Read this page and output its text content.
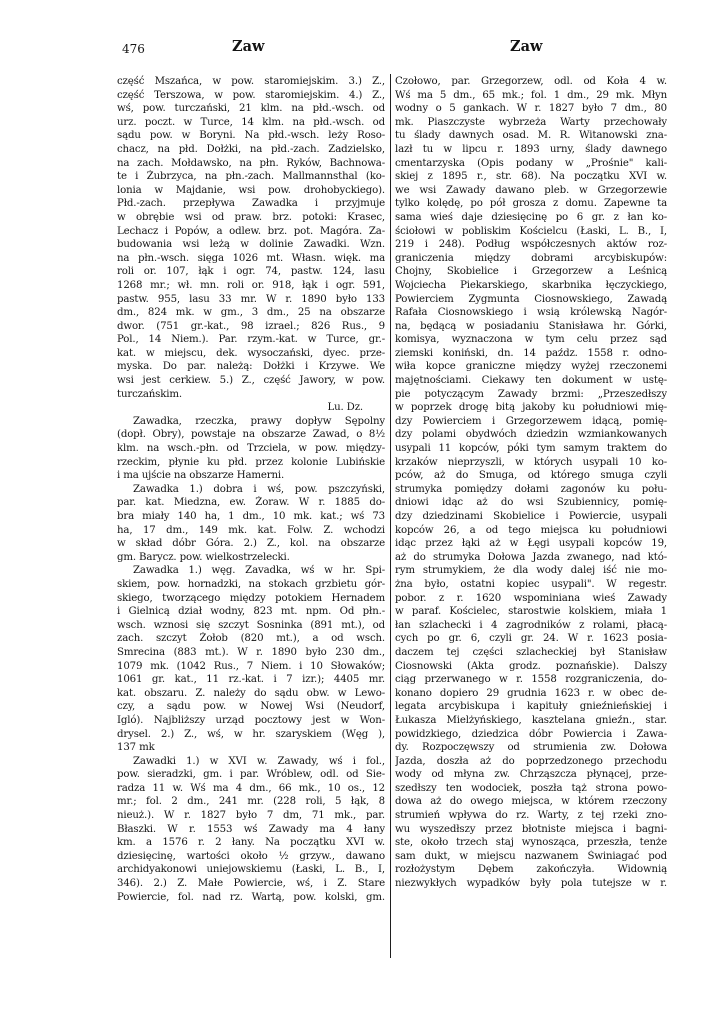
476	Zaw	Zaw
część Mszańca, w pow. staromiejskim. 3.) Z.,
część Terszowa, w pow. staromiejskim. 4.) Z.,
wś, pow. turczański, 21 klm. na płd.-wsch. od
urz. poczt. w Turce, 14 klm. na płd.-wsch. od
sądu pow. w Boryni. Na płd.-wsch. leży Roso-
chacz, na płd. Dołżki, na płd.-zach. Zadzielsko,
na zach. Mołdawsko, na płn. Ryków, Bachnowa-
te i Żubrzyca, na płn.-zach. Mallmannsthal (ko-
lonia w Majdanie, wsi pow. drohobyckiego).
Płd.-zach. przepływa Zawadka i przyjmuje
w obrębie wsi od praw. brz. potoki: Krasec,
Lechacz i Popów, a odlew. brz. pot. Magóra. Za-
budowania wsi leżą w dolinie Zawadki. Wzn.
na płn.-wsch. sięga 1026 mt. Własn. więk. ma
roli or. 107, łąk i ogr. 74, pastw. 124, lasu
1268 mr.; wł. mn. roli or. 918, łąk i ogr. 591,
pastw. 955, lasu 33 mr. W r. 1890 było 133
dm., 824 mk. w gm., 3 dm., 25 na obszarze
dwor. (751 gr.-kat., 98 izrael.; 826 Rus., 9
Pol., 14 Niem.). Par. rzym.-kat. w Turce, gr.-
kat. w miejscu, dek. wysoczański, dyec. prze-
myska. Do par. należą: Dołżki i Krzywe. We
wsi jest cerkiew. 5.) Z., część Jawory, w pow.
turczańskim.
Lu. Dz.
Zawadka, rzeczka, prawy dopływ Sępolny
(dopł. Obry), powstaje na obszarze Zawad, o 8½
klm. na wsch.-płn. od Trzciela, w pow. między-
rzeckim, płynie ku płd. przez kolonie Lubińskie
i ma ujście na obszarze Hamerni.
Zawadka 1.) dobra i wś, pow. pszczyński,
par. kat. Miedzna, ew. Żoraw. W r. 1885 do-
bra miały 140 ha, 1 dm., 10 mk. kat.; wś 73
ha, 17 dm., 149 mk. kat. Folw. Z. wchodzi
w skład dóbr Góra. 2.) Z., kol. na obszarze
gm. Barycz. pow. wielkostrzelecki.
Zawadka 1.) węg. Zavadka, wś w hr. Spi-
skiem, pow. hornadzki, na stokach grzbietu gór-
skiego, tworzącego między potokiem Hernadem
i Gielnicą dział wodny, 823 mt. npm. Od płn.-
wsch. wznosi się szczyt Sosninka (891 mt.), od
zach. szczyt Żołob (820 mt.), a od wsch.
Smrecina (883 mt.). W r. 1890 było 230 dm.,
1079 mk. (1042 Rus., 7 Niem. i 10 Słowaków;
1061 gr. kat., 11 rz.-kat. i 7 izr.); 4405 mr.
kat. obszaru. Z. należy do sądu obw. w Lewo-
czy, a sądu pow. w Nowej Wsi (Neudorf,
Igló). Najbliższy urząd pocztowy jest w Won-
drysel. 2.) Z., wś, w hr. szaryskiem (Węg ),
137 mk
Zawadki 1.) w XVI w. Zawady, wś i fol.,
pow. sieradzki, gm. i par. Wróblew, odl. od Sie-
radza 11 w. Wś ma 4 dm., 66 mk., 10 os., 12
mr.; fol. 2 dm., 241 mr. (228 roli, 5 łąk, 8
nieuż.). W r. 1827 było 7 dm, 71 mk., par.
Błaszki. W r. 1553 wś Zawady ma 4 łany
km. a 1576 r. 2 łany. Na początku XVI w.
dziesięcinę, wartości około ½ grzyw., dawano
archidyakonowi uniejowskiemu (Łaski, L. B., I,
346). 2.) Z. Małe Powiercie, wś, i Z. Stare
Powiercie, fol. nad rz. Wartą, pow. kolski, gm.
Czołowo, par. Grzegorzew, odl. od Koła 4 w.
Wś ma 5 dm., 65 mk.; fol. 1 dm., 29 mk. Młyn
wodny o 5 gankach. W r. 1827 było 7 dm., 80
mk. Piaszczyste wybrzeża Warty przechowały
tu ślady dawnych osad. M. R. Witanowski zna-
lazł tu w lipcu r. 1893 urny, ślady dawnego
cmentarzyska (Opis podany w „Prośnie" kali-
skiej z 1895 r., str. 68). Na początku XVI w.
we wsi Zawady dawano pleb. w Grzegorzewie
tylko kolędę, po pół grosza z domu. Zapewne ta
sama wieś daje dziesięcinę po 6 gr. z łan ko-
ściołowi w pobliskim Kościelcu (Łaski, L. B., I,
219 i 248). Podług współczesnych aktów roz-
graniczenia między dobrami arcybiskupów:
Chojny, Skobielice i Grzegorzew a Leśnicą
Wojciecha Piekarskiego, skarbnika łęczyckiego,
Powierciem Zygmunta Ciosnowskiego, Zawadą
Rafała Ciosnowskiego i wsią królewską Nagór-
na, będącą w posiadaniu Stanisława hr. Górki,
komisya, wyznaczona w tym celu przez sąd
ziemski koniński, dn. 14 paźdz. 1558 r. odno-
wiła kopce graniczne między wyżej rzeczonemi
majętnościami. Ciekawy ten dokument w ustę-
pie potyczącym Zawady brzmi: „Przeszedłszy
w poprzek drogę bitą jakoby ku południowi mię-
dzy Powierciem i Grzegorzewem idącą, pomię-
dzy polami obydwóch dziedzin wzmiankowanych
usypali 11 kopców, póki tym samym traktem do
krzaków nieprzyszli, w których usypali 10 ko-
pców, aż do Smuga, od którego smuga czyli
strumyka pomiędzy dołami zagonów ku połu-
dniowi idąc aż do wsi Szubiennicy, pomię-
dzy dziedzinami Skobielice i Powiercie, usypali
kopców 26, a od tego miejsca ku południowi
idąc przez łąki aż w Łęgi usypali kopców 19,
aż do strumyka Dołowa Jazda zwanego, nad któ-
rym strumykiem, że dla wody dalej iść nie mo-
żna było, ostatni kopiec usypali". W regestr.
pobor. z r. 1620 wspominiana wieś Zawady
w paraf. Kościelec, starostwie kolskiem, miała 1
łan szlachecki i 4 zagrodników z rolami, płacą-
cych po gr. 6, czyli gr. 24. W r. 1623 posia-
daczem tej części szlacheckiej był Stanisław
Ciosnowski (Akta grodz. poznańskie). Dalszy
ciąg przerwanego w r. 1558 rozgraniczenia, do-
konano dopiero 29 grudnia 1623 r. w obec de-
legata arcybiskupa i kapituły gnieźnieńskiej i
Łukasza Mielżyńskiego, kasztelana gnieźn., star.
powidzkiego, dziedzica dóbr Powiercia i Zawa-
dy. Rozpoczęwszy od strumienia zw. Dołowa
Jazda, doszła aż do poprzedzonego przechodu
wody od młyna zw. Chrząszcza płynącej, prze-
szedłszy ten wodociek, poszła tąż strona powo-
dowa aż do owego miejsca, w którem rzeczony
strumień wpływa do rz. Warty, z tej rzeki zno-
wu wyszedłszy przez błotniste miejsca i bagni-
ste, około trzech staj wynosząca, przeszła, tenże
sam dukt, w miejscu nazwanem Świniagać pod
rozłożystym Dębem zakończyła. Widownią
niezwykłych wypadków były pola tutejsze w r.
